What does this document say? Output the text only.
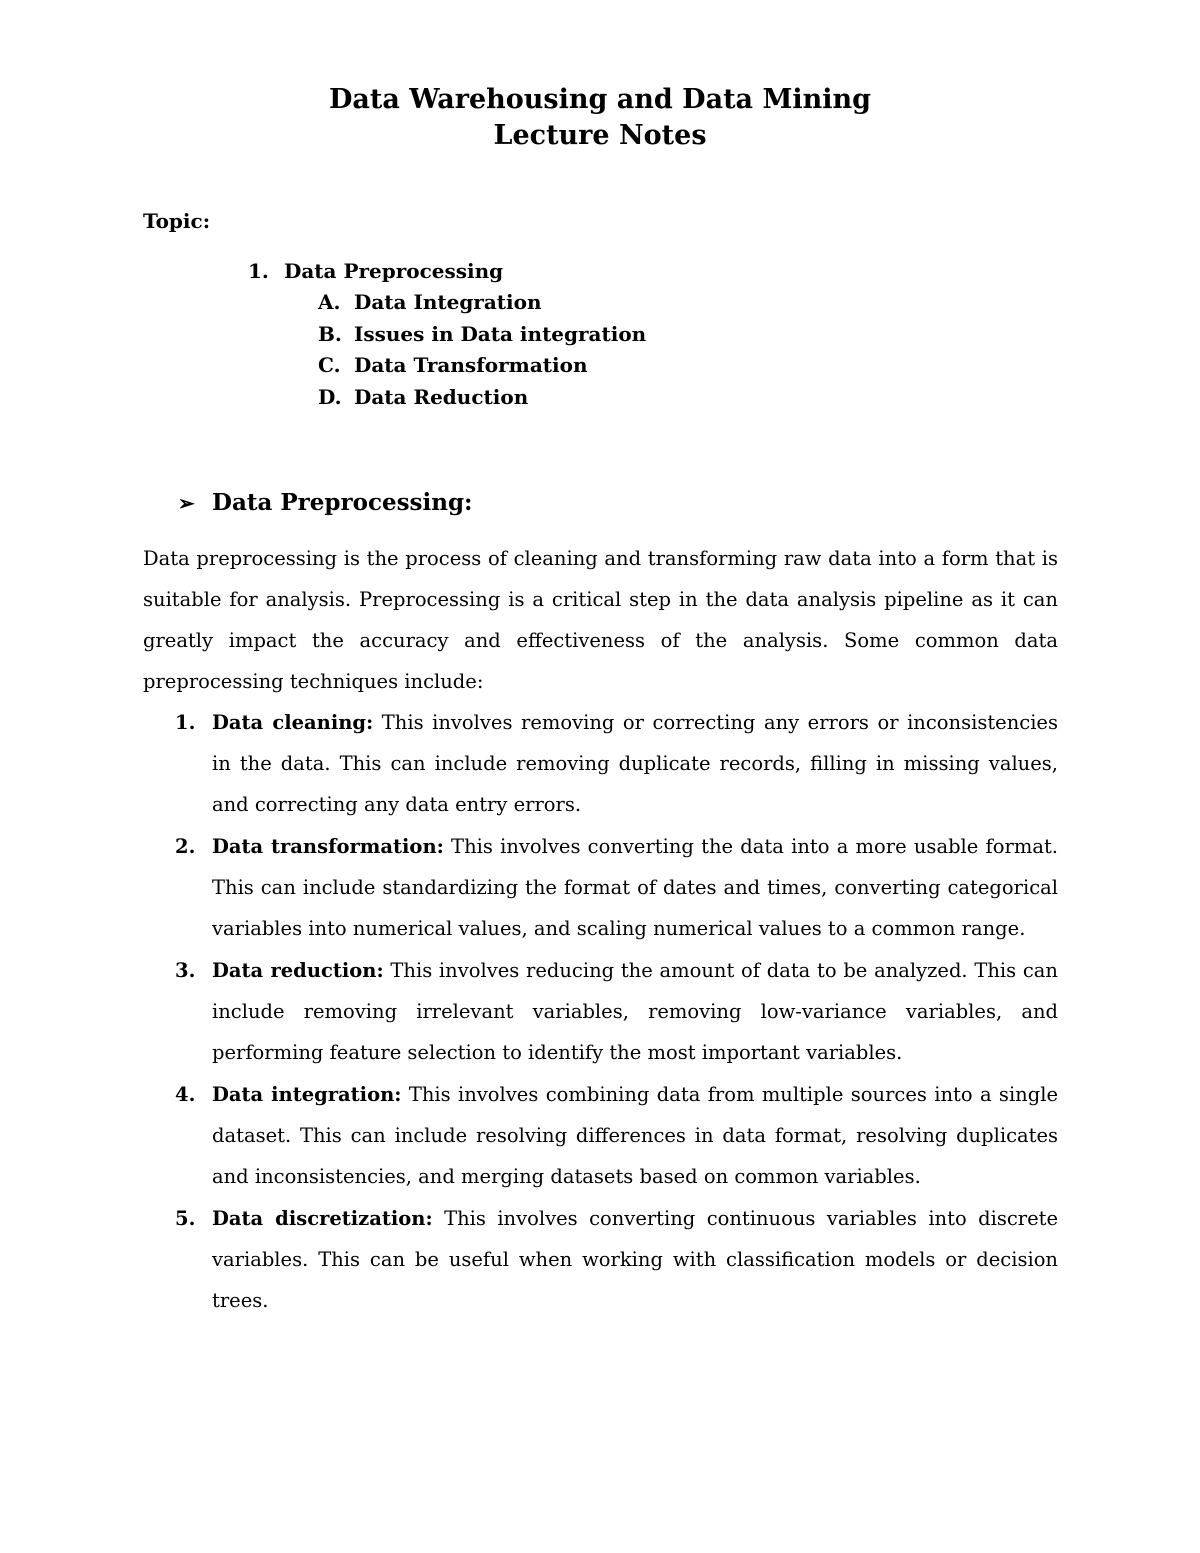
Data Warehousing and Data Mining
Lecture Notes
Topic:
1. Data Preprocessing
A. Data Integration
B. Issues in Data integration
C. Data Transformation
D. Data Reduction
➢ Data Preprocessing:

Data preprocessing is the process of cleaning and transforming raw data into a form that is suitable for analysis. Preprocessing is a critical step in the data analysis pipeline as it can greatly impact the accuracy and effectiveness of the analysis. Some common data preprocessing techniques include:

1. Data cleaning: This involves removing or correcting any errors or inconsistencies in the data. This can include removing duplicate records, filling in missing values, and correcting any data entry errors.
2. Data transformation: This involves converting the data into a more usable format. This can include standardizing the format of dates and times, converting categorical variables into numerical values, and scaling numerical values to a common range.
3. Data reduction: This involves reducing the amount of data to be analyzed. This can include removing irrelevant variables, removing low-variance variables, and performing feature selection to identify the most important variables.
4. Data integration: This involves combining data from multiple sources into a single dataset. This can include resolving differences in data format, resolving duplicates and inconsistencies, and merging datasets based on common variables.
5. Data discretization: This involves converting continuous variables into discrete variables. This can be useful when working with classification models or decision trees.
